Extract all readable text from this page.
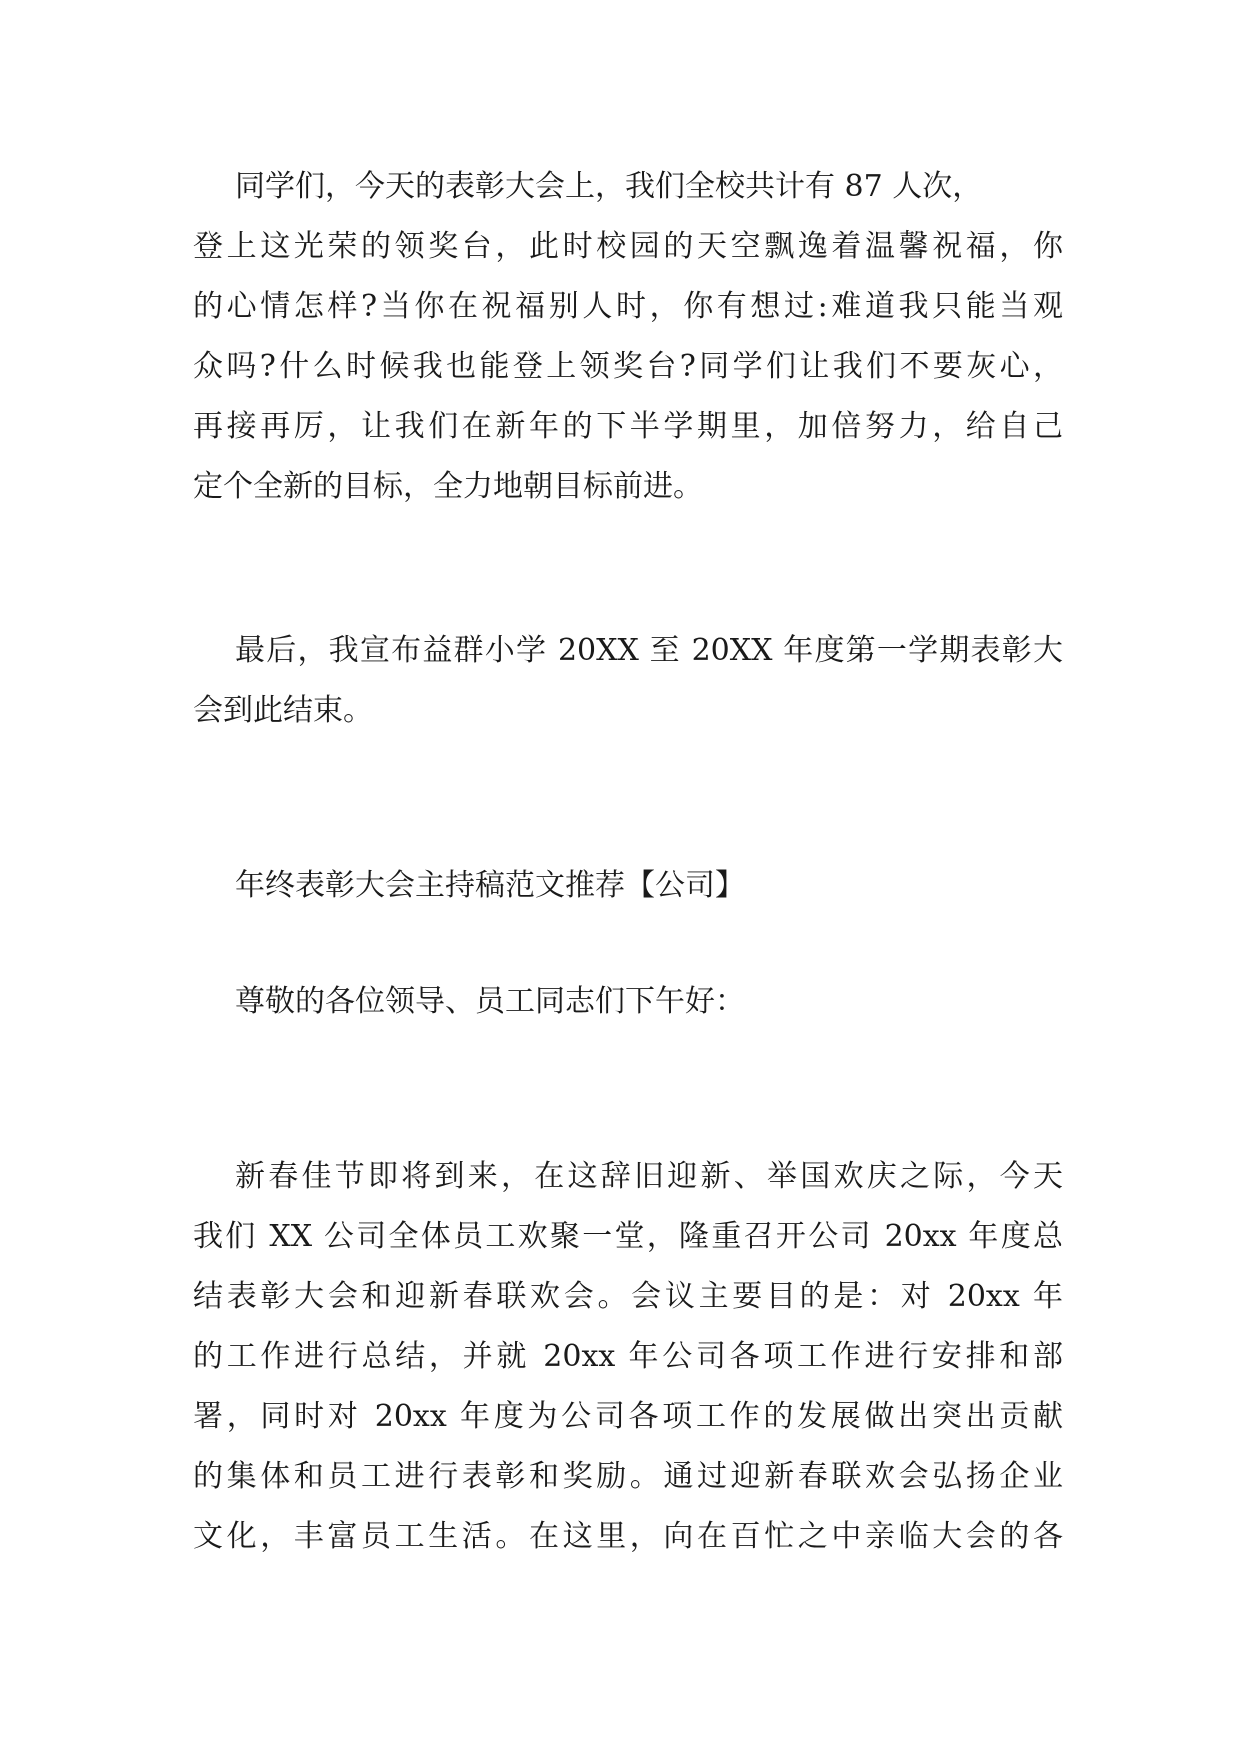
同学们，今天的表彰大会上，我们全校共计有 87 人次，
登上这光荣的领奖台，此时校园的天空飘逸着温馨祝福，你
的心情怎样?当你在祝福别人时，你有想过:难道我只能当观
众吗?什么时候我也能登上领奖台?同学们让我们不要灰心，
再接再厉，让我们在新年的下半学期里，加倍努力，给自己
定个全新的目标，全力地朝目标前进。
最后，我宣布益群小学 20XX 至 20XX 年度第一学期表彰大
会到此结束。
年终表彰大会主持稿范文推荐【公司】
尊敬的各位领导、员工同志们下午好：
新春佳节即将到来，在这辞旧迎新、举国欢庆之际，今天
我们 XX 公司全体员工欢聚一堂，隆重召开公司 20xx 年度总
结表彰大会和迎新春联欢会。会议主要目的是：对 20xx 年
的工作进行总结，并就 20xx 年公司各项工作进行安排和部
署，同时对 20xx 年度为公司各项工作的发展做出突出贡献
的集体和员工进行表彰和奖励。通过迎新春联欢会弘扬企业
文化，丰富员工生活。在这里，向在百忙之中亲临大会的各
